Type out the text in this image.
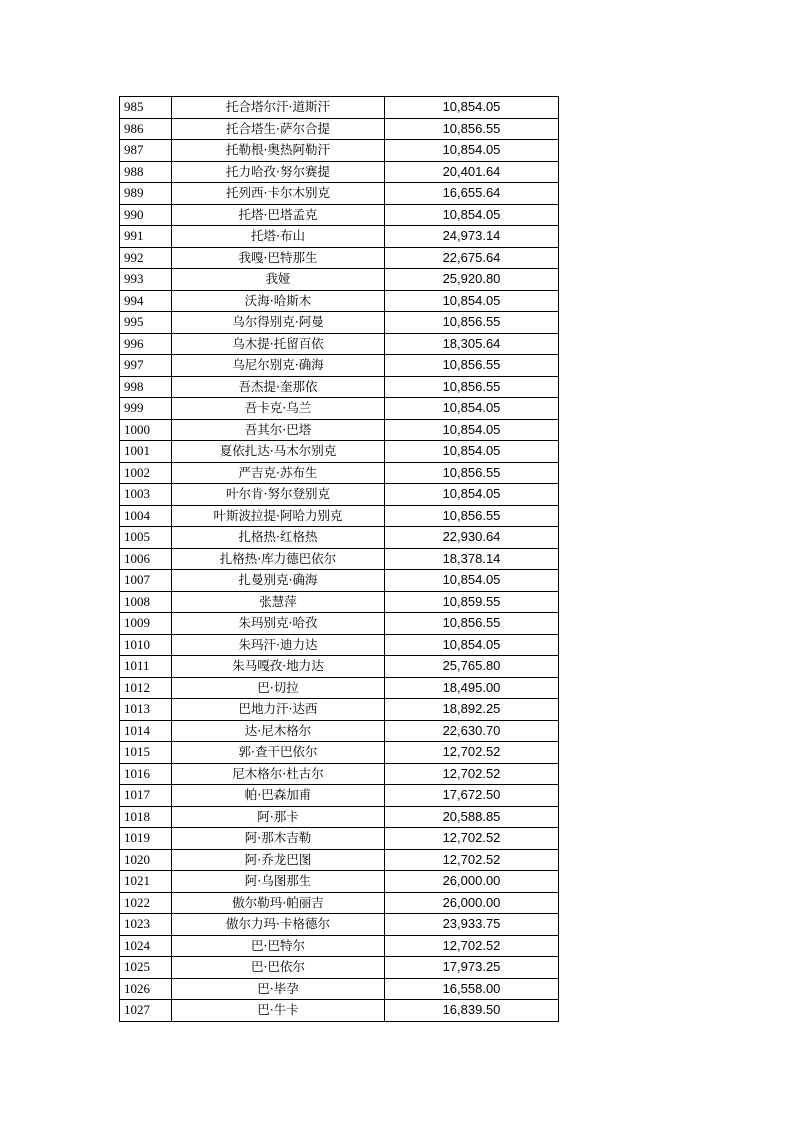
985	托合塔尔汗·道斯汗	10,854.05
986	托合塔生·萨尔合提	10,856.55
987	托勒根·奥热阿勒汗	10,854.05
988	托力哈孜·努尔赛提	20,401.64
989	托列西·卡尔木别克	16,655.64
990	托塔·巴塔孟克	10,854.05
991	托塔·布山	24,973.14
992	我嘎·巴特那生	22,675.64
993	我娅	25,920.80
994	沃海·哈斯木	10,854.05
995	乌尔得别克·阿曼	10,856.55
996	乌木提·托留百依	18,305.64
997	乌尼尔别克·确海	10,856.55
998	吾杰提·奎那依	10,856.55
999	吾卡克·乌兰	10,854.05
1000	吾其尔·巴塔	10,854.05
1001	夏依扎达·马木尔别克	10,854.05
1002	严吉克·苏布生	10,856.55
1003	叶尔肯·努尔登别克	10,854.05
1004	叶斯波拉提·阿哈力别克	10,856.55
1005	扎格热·红格热	22,930.64
1006	扎格热·库力德巴依尔	18,378.14
1007	扎曼别克·确海	10,854.05
1008	张慧萍	10,859.55
1009	朱玛别克·哈孜	10,856.55
1010	朱玛汗·迪力达	10,854.05
1011	朱马嘎孜·地力达	25,765.80
1012	巴·切拉	18,495.00
1013	巴地力汗·达西	18,892.25
1014	达·尼木格尔	22,630.70
1015	郭·查干巴依尔	12,702.52
1016	尼木格尔·杜古尔	12,702.52
1017	帕·巴森加甫	17,672.50
1018	阿·那卡	20,588.85
1019	阿·那木吉勒	12,702.52
1020	阿·乔龙巴图	12,702.52
1021	阿·乌图那生	26,000.00
1022	傲尔勒玛·帕丽吉	26,000.00
1023	傲尔力玛·卡格德尔	23,933.75
1024	巴·巴特尔	12,702.52
1025	巴·巴依尔	17,973.25
1026	巴·毕孕	16,558.00
1027	巴·牛卡	16,839.50
